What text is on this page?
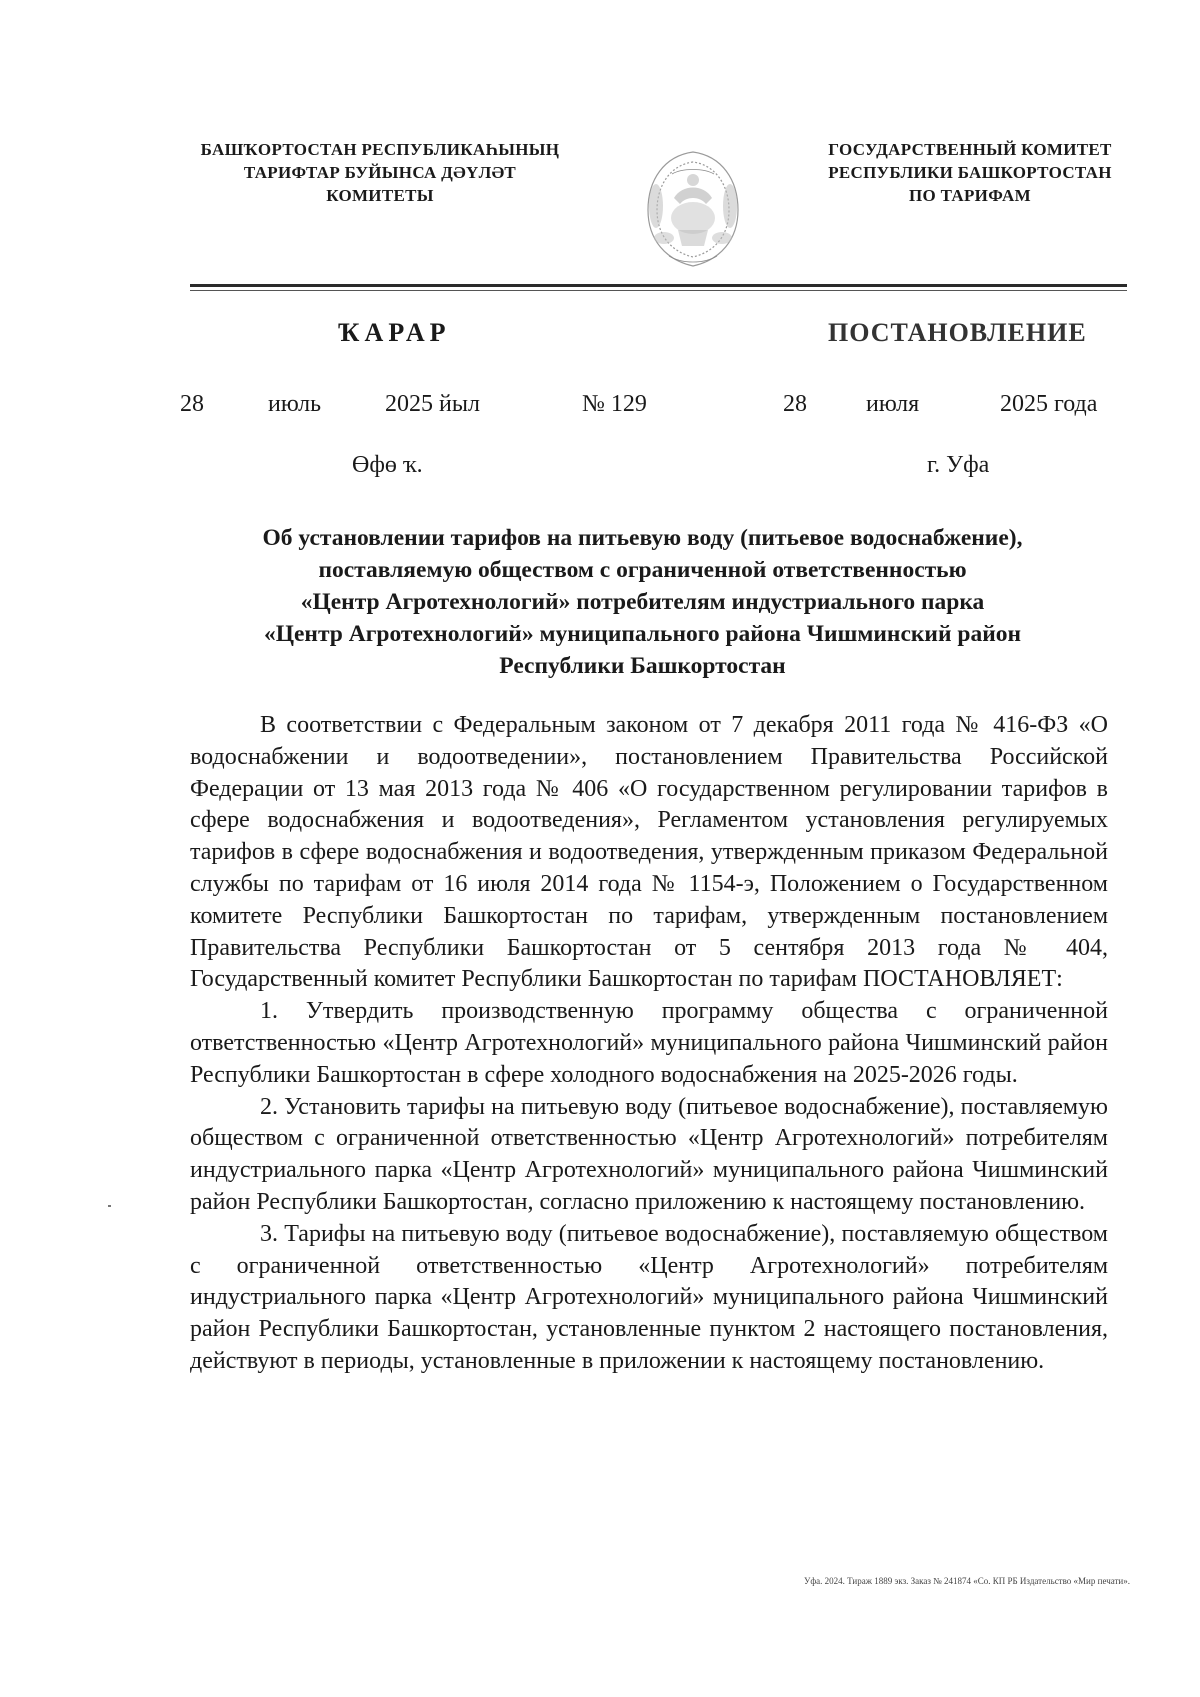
БАШҠОРТОСТАН РЕСПУБЛИКАҺЫНЫҢ
ТАРИФТАР БУЙЫНСА ДӘҮЛӘТ
КОМИТЕТЫ
ГОСУДАРСТВЕННЫЙ КОМИТЕТ
РЕСПУБЛИКИ БАШКОРТОСТАН
ПО ТАРИФАМ
ҠАРАР	ПОСТАНОВЛЕНИЕ
28	июль	2025 йыл	№ 129	28 июля	2025 года
Өфө ҡ.	г. Уфа
Об установлении тарифов на питьевую воду (питьевое водоснабжение),
поставляемую обществом с ограниченной ответственностью
«Центр Агротехнологий» потребителям индустриального парка
«Центр Агротехнологий» муниципального района Чишминский район
Республики Башкортостан

В соответствии с Федеральным законом от 7 декабря 2011 года № 416-ФЗ «О водоснабжении и водоотведении», постановлением Правительства Российской Федерации от 13 мая 2013 года № 406 «О государственном регулировании тарифов в сфере водоснабжения и водоотведения», Регламентом установления регулируемых тарифов в сфере водоснабжения и водоотведения, утвержденным приказом Федеральной службы по тарифам от 16 июля 2014 года № 1154-э, Положением о Государственном комитете Республики Башкортостан по тарифам, утвержденным постановлением Правительства Республики Башкортостан от 5 сентября 2013 года № 404, Государственный комитет Республики Башкортостан по тарифам ПОСТАНОВЛЯЕТ:

1. Утвердить производственную программу общества с ограниченной ответственностью «Центр Агротехнологий» муниципального района Чишминский район Республики Башкортостан в сфере холодного водоснабжения на 2025-2026 годы.

2. Установить тарифы на питьевую воду (питьевое водоснабжение), поставляемую обществом с ограниченной ответственностью «Центр Агротехнологий» потребителям индустриального парка «Центр Агротехнологий» муниципального района Чишминский район Республики Башкортостан, согласно приложению к настоящему постановлению.

3. Тарифы на питьевую воду (питьевое водоснабжение), поставляемую обществом с ограниченной ответственностью «Центр Агротехнологий» потребителям индустриального парка «Центр Агротехнологий» муниципального района Чишминский район Республики Башкортостан, установленные пунктом 2 настоящего постановления, действуют в периоды, установленные в приложении к настоящему постановлению.

Уфа. 2024. Тираж 1889 экз. Заказ № 241874 «Со. КП РБ Издательство «Мир печати».
